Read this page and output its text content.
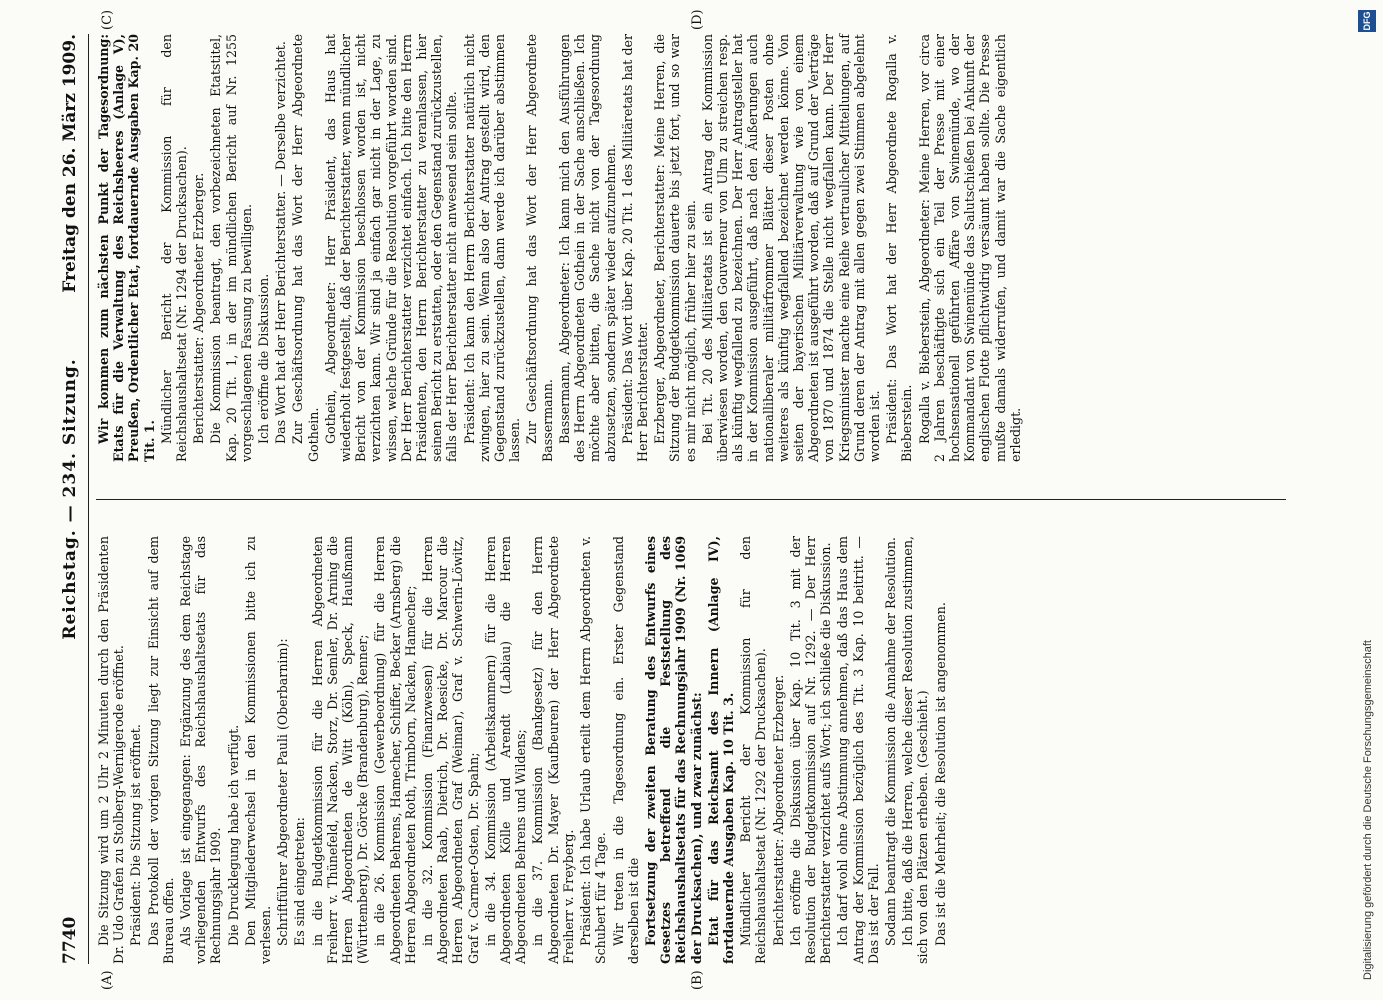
7740
Reichstag. — 234. Sitzung.
Freitag den 26. März 1909.
(A)	(B)
(C)	(D)

Die Sitzung wird um 2 Uhr 2 Minuten durch den Präsidenten Dr. Udo Grafen zu Stolberg-Wernigerode eröffnet. Präsident: Die Sitzung ist eröffnet. Das Protokoll der vorigen Sitzung liegt zur Einsicht auf dem Bureau offen. Als Vorlage ist eingegangen: Ergänzung des dem Reichstage vorliegenden Entwurfs des Reichshaushaltsetats für das Rechnungsjahr 1909. Die Drucklegung habe ich verfügt. Den Mitgliederwechsel in den Kommissionen bitte ich zu verlesen. Schriftführer Abgeordneter Pauli (Oberbarnim): Es sind eingetreten: in die Budgetkommission für die Herren Abgeordneten Freiherr v. Thünefeld, Nacken, Storz, Dr. Semler, Dr. Arning die Herren Abgeordneten de Witt (Köln), Speck, Haußmann (Württemberg), Dr. Görcke (Brandenburg), Renner; in die 26. Kommission (Gewerbeordnung) für die Herren Abgeordneten Behrens, Hamecher, Schiffer, Becker (Arnsberg) die Herren Abgeordneten Roth, Trimborn, Nacken, Hamecher; in die 32. Kommission (Finanzwesen) für die Herren Abgeordneten Raab, Dietrich, Dr. Roesicke, Dr. Marcour die Herren Abgeordneten Graf (Weimar), Graf v. Schwerin-Löwitz, Graf v. Carmer-Osten, Dr. Spahn; in die 34. Kommission (Arbeitskammern) für die Herren Abgeordneten Kölle und Arendt (Labiau) die Herren Abgeordneten Behrens und Wildens; in die 37. Kommission (Bankgesetz) für den Herrn Abgeordneten Dr. Mayer (Kaufbeuren) der Herr Abgeordnete Freiherr v. Freyberg. Präsident: Ich habe Urlaub erteilt dem Herrn Abgeordneten v. Schubert für 4 Tage. Wir treten in die Tagesordnung ein. Erster Gegenstand derselben ist die Fortsetzung der zweiten Beratung des Entwurfs eines Gesetzes betreffend die Feststellung des Reichshaushaltsetats für das Rechnungsjahr 1909 (Nr. 1069 der Drucksachen), und zwar zunächst: Etat für das Reichsamt des Innern (Anlage IV), fortdauernde Ausgaben Kap. 10 Tit. 3. Mündlicher Bericht der Kommission für den Reichshaushaltsetat (Nr. 1292 der Drucksachen). Berichterstatter: Abgeordneter Erzberger. Ich eröffne die Diskussion über Kap. 10 Tit. 3 mit der Resolution der Budgetkommission auf Nr. 1292. — Der Herr Berichterstatter verzichtet aufs Wort; ich schließe die Diskussion. Ich darf wohl ohne Abstimmung annehmen, daß das Haus dem Antrag der Kommission bezüglich des Tit. 3 Kap. 10 beitritt. — Das ist der Fall. Sodann beantragt die Kommission die Annahme der Resolution. Ich bitte, daß die Herren, welche dieser Resolution zustimmen, sich von den Plätzen erheben. (Geschieht.) Das ist die Mehrheit; die Resolution ist angenommen.

Wir kommen zum nächsten Punkt der Tagesordnung: Etats für die Verwaltung des Reichsheeres (Anlage V), Preußen, Ordentlicher Etat, fortdauernde Ausgaben Kap. 20 Tit. 1. Mündlicher Bericht der Kommission für den Reichshaushaltsetat (Nr. 1294 der Drucksachen). Berichterstatter: Abgeordneter Erzberger. Die Kommission beantragt, den vorbezeichneten Etatstitel, Kap. 20 Tit. 1, in der im mündlichen Bericht auf Nr. 1255 vorgeschlagenen Fassung zu bewilligen. Ich eröffne die Diskussion. Das Wort hat der Herr Berichterstatter. — Derselbe verzichtet. Zur Geschäftsordnung hat das Wort der Herr Abgeordnete Gothein. Gothein, Abgeordneter: Herr Präsident, das Haus hat wiederholt festgestellt, daß der Berichterstatter, wenn mündlicher Bericht von der Kommission beschlossen worden ist, nicht verzichten kann. Wir sind ja einfach gar nicht in der Lage, zu wissen, welche Gründe für die Resolution vorgeführt worden sind. Der Herr Berichterstatter verzichtet einfach. Ich bitte den Herrn Präsidenten, den Herrn Berichterstatter zu veranlassen, hier seinen Bericht zu erstatten, oder den Gegenstand zurückzustellen, falls der Herr Berichterstatter nicht anwesend sein sollte. Präsident: Ich kann den Herrn Berichterstatter natürlich nicht zwingen, hier zu sein. Wenn also der Antrag gestellt wird, den Gegenstand zurückzustellen, dann werde ich darüber abstimmen lassen. Zur Geschäftsordnung hat das Wort der Herr Abgeordnete Bassermann. Bassermann, Abgeordneter: Ich kann mich den Ausführungen des Herrn Abgeordneten Gothein in der Sache anschließen. Ich möchte aber bitten, die Sache nicht von der Tagesordnung abzusetzen, sondern später wieder aufzunehmen. Präsident: Das Wort über Kap. 20 Tit. 1 des Militäretats hat der Herr Berichterstatter. Erzberger, Abgeordneter, Berichterstatter: Meine Herren, die Sitzung der Budgetkommission dauerte bis jetzt fort, und so war es mir nicht möglich, früher hier zu sein. Bei Tit. 20 des Militäretats ist ein Antrag der Kommission überwiesen worden, den Gouverneur von Ulm zu streichen resp. als künftig wegfallend zu bezeichnen. Der Herr Antragsteller hat in der Kommission ausgeführt, daß nach den Äußerungen auch nationalliberaler militärfrommer Blätter dieser Posten ohne weiteres als künftig wegfallend bezeichnet werden könne. Von seiten der bayerischen Militärverwaltung wie von einem Abgeordneten ist ausgeführt worden, daß auf Grund der Verträge von 1870 und 1874 die Stelle nicht wegfallen kann. Der Herr Kriegsminister machte eine Reihe vertraulicher Mitteilungen, auf Grund deren der Antrag mit allen gegen zwei Stimmen abgelehnt worden ist. Präsident: Das Wort hat der Herr Abgeordnete Rogalla v. Bieberstein. Rogalla v. Bieberstein, Abgeordneter: Meine Herren, vor circa 2 Jahren beschäftigte sich ein Teil der Presse mit einer hochsensationell geführten Affäre von Swinemünde, wo der Kommandant von Swinemünde das Salutschießen bei Ankunft der englischen Flotte pflichtwidrig versäumt haben sollte. Die Presse mußte damals widerrufen, und damit war die Sache eigentlich erledigt.

Digitalisierung gefördert durch die Deutsche Forschungsgemeinschaft
DFG
